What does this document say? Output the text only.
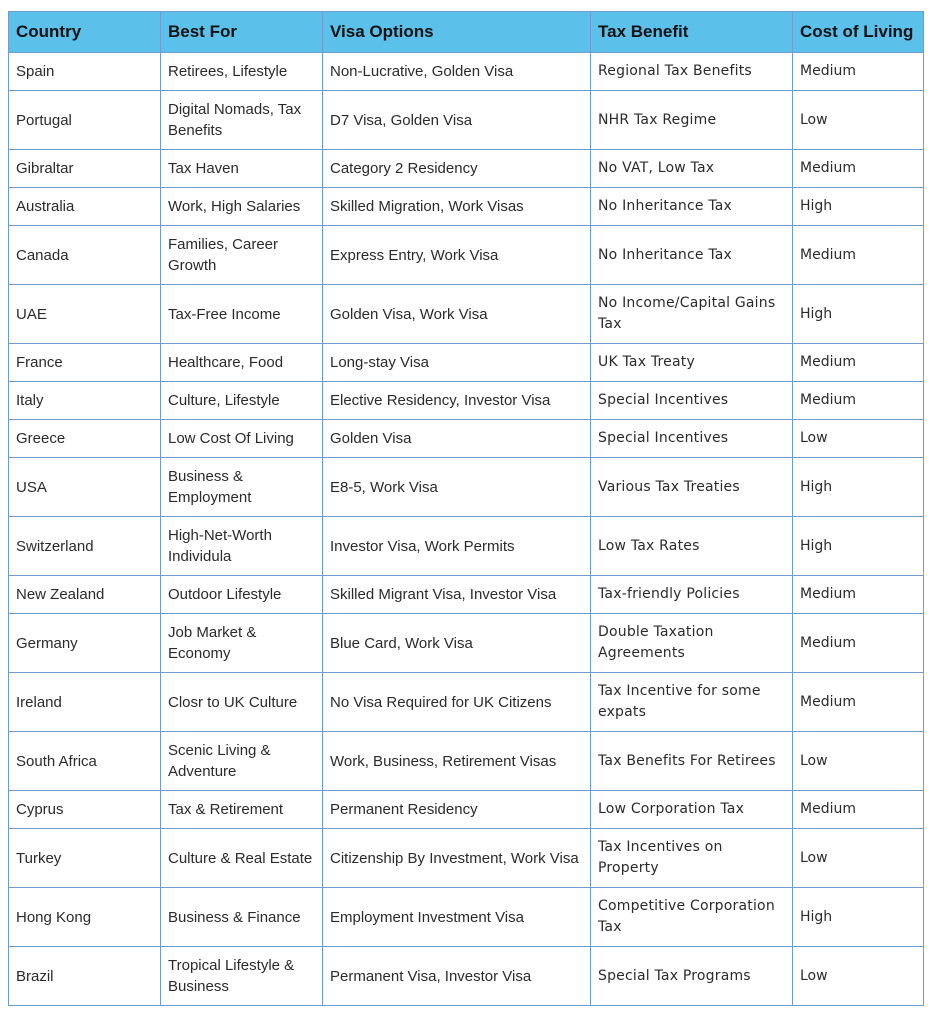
Country	Best For	Visa Options	Tax Benefit	Cost of Living
Spain	Retirees, Lifestyle	Non-Lucrative, Golden Visa	Regional Tax Benefits	Medium
Portugal	Digital Nomads, Tax Benefits	D7 Visa, Golden Visa	NHR Tax Regime	Low
Gibraltar	Tax Haven	Category 2 Residency	No VAT, Low Tax	Medium
Australia	Work, High Salaries	Skilled Migration, Work Visas	No Inheritance Tax	High
Canada	Families, Career Growth	Express Entry, Work Visa	No Inheritance Tax	Medium
UAE	Tax-Free Income	Golden Visa, Work Visa	No Income/Capital Gains Tax	High
France	Healthcare, Food	Long-stay Visa	UK Tax Treaty	Medium
Italy	Culture, Lifestyle	Elective Residency, Investor Visa	Special Incentives	Medium
Greece	Low Cost Of Living	Golden Visa	Special Incentives	Low
USA	Business & Employment	E8-5, Work Visa	Various Tax Treaties	High
Switzerland	High-Net-Worth Individula	Investor Visa, Work Permits	Low Tax Rates	High
New Zealand	Outdoor Lifestyle	Skilled Migrant Visa, Investor Visa	Tax-friendly Policies	Medium
Germany	Job Market & Economy	Blue Card, Work Visa	Double Taxation Agreements	Medium
Ireland	Closr to UK Culture	No Visa Required for UK Citizens	Tax Incentive for some expats	Medium
South Africa	Scenic Living & Adventure	Work, Business, Retirement Visas	Tax Benefits For Retirees	Low
Cyprus	Tax & Retirement	Permanent Residency	Low Corporation Tax	Medium
Turkey	Culture & Real Estate	Citizenship By Investment, Work Visa	Tax Incentives on Property	Low
Hong Kong	Business & Finance	Employment Investment Visa	Competitive Corporation Tax	High
Brazil	Tropical Lifestyle & Business	Permanent Visa, Investor Visa	Special Tax Programs	Low
